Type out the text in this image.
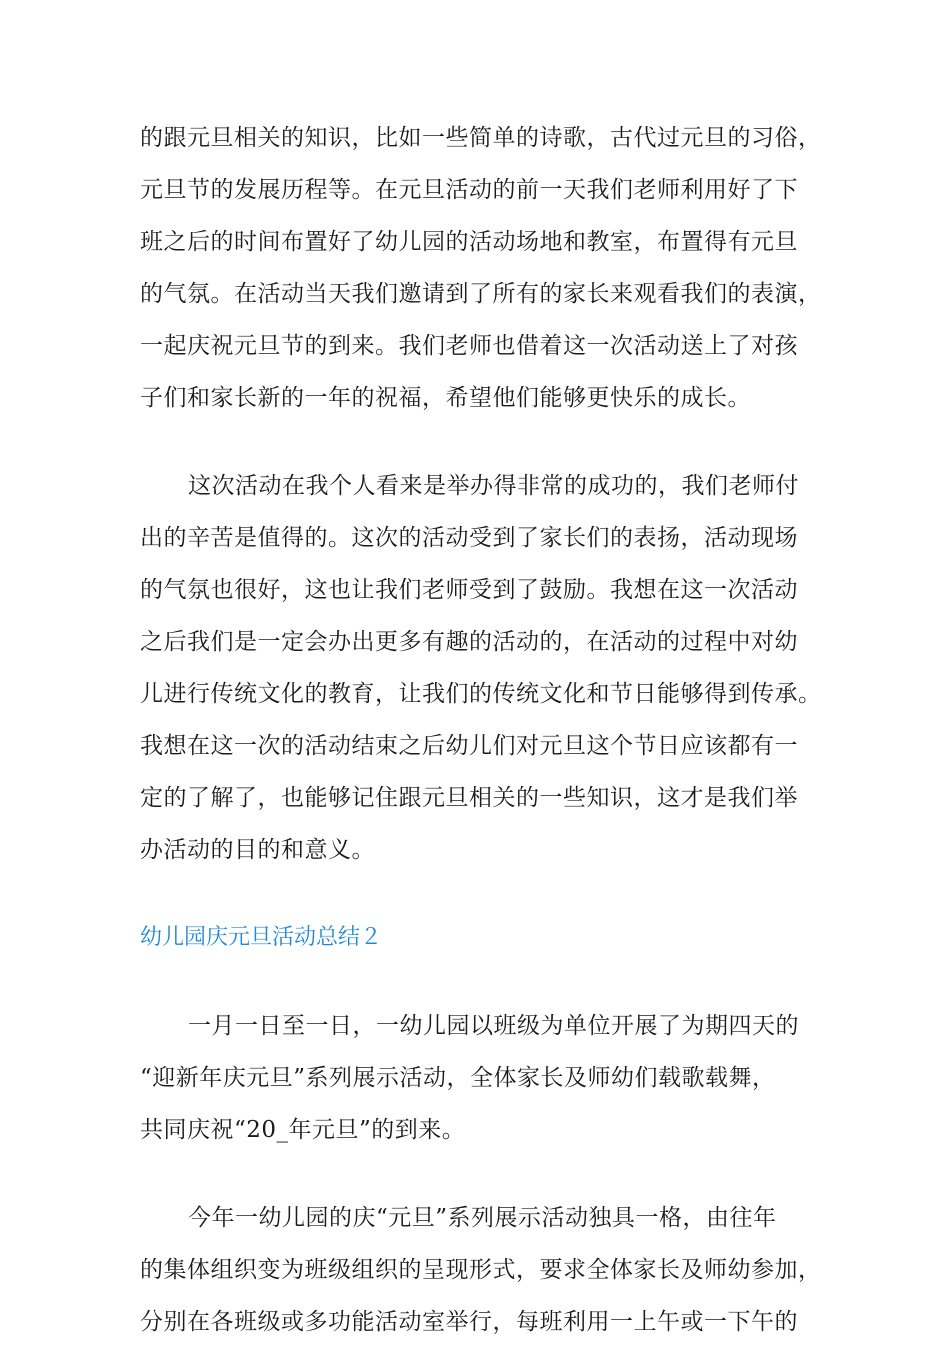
的跟元旦相关的知识，比如一些简单的诗歌，古代过元旦的习俗，
元旦节的发展历程等。在元旦活动的前一天我们老师利用好了下
班之后的时间布置好了幼儿园的活动场地和教室，布置得有元旦
的气氛。在活动当天我们邀请到了所有的家长来观看我们的表演，
一起庆祝元旦节的到来。我们老师也借着这一次活动送上了对孩
子们和家长新的一年的祝福，希望他们能够更快乐的成长。
这次活动在我个人看来是举办得非常的成功的，我们老师付
出的辛苦是值得的。这次的活动受到了家长们的表扬，活动现场
的气氛也很好，这也让我们老师受到了鼓励。我想在这一次活动
之后我们是一定会办出更多有趣的活动的，在活动的过程中对幼
儿进行传统文化的教育，让我们的传统文化和节日能够得到传承。
我想在这一次的活动结束之后幼儿们对元旦这个节日应该都有一
定的了解了，也能够记住跟元旦相关的一些知识，这才是我们举
办活动的目的和意义。
幼儿园庆元旦活动总结２
一月一日至一日，一幼儿园以班级为单位开展了为期四天的
“迎新年庆元旦”系列展示活动，全体家长及师幼们载歌载舞，
共同庆祝“20_年元旦”的到来。
今年一幼儿园的庆“元旦”系列展示活动独具一格，由往年
的集体组织变为班级组织的呈现形式，要求全体家长及师幼参加，
分别在各班级或多功能活动室举行，每班利用一上午或一下午的
